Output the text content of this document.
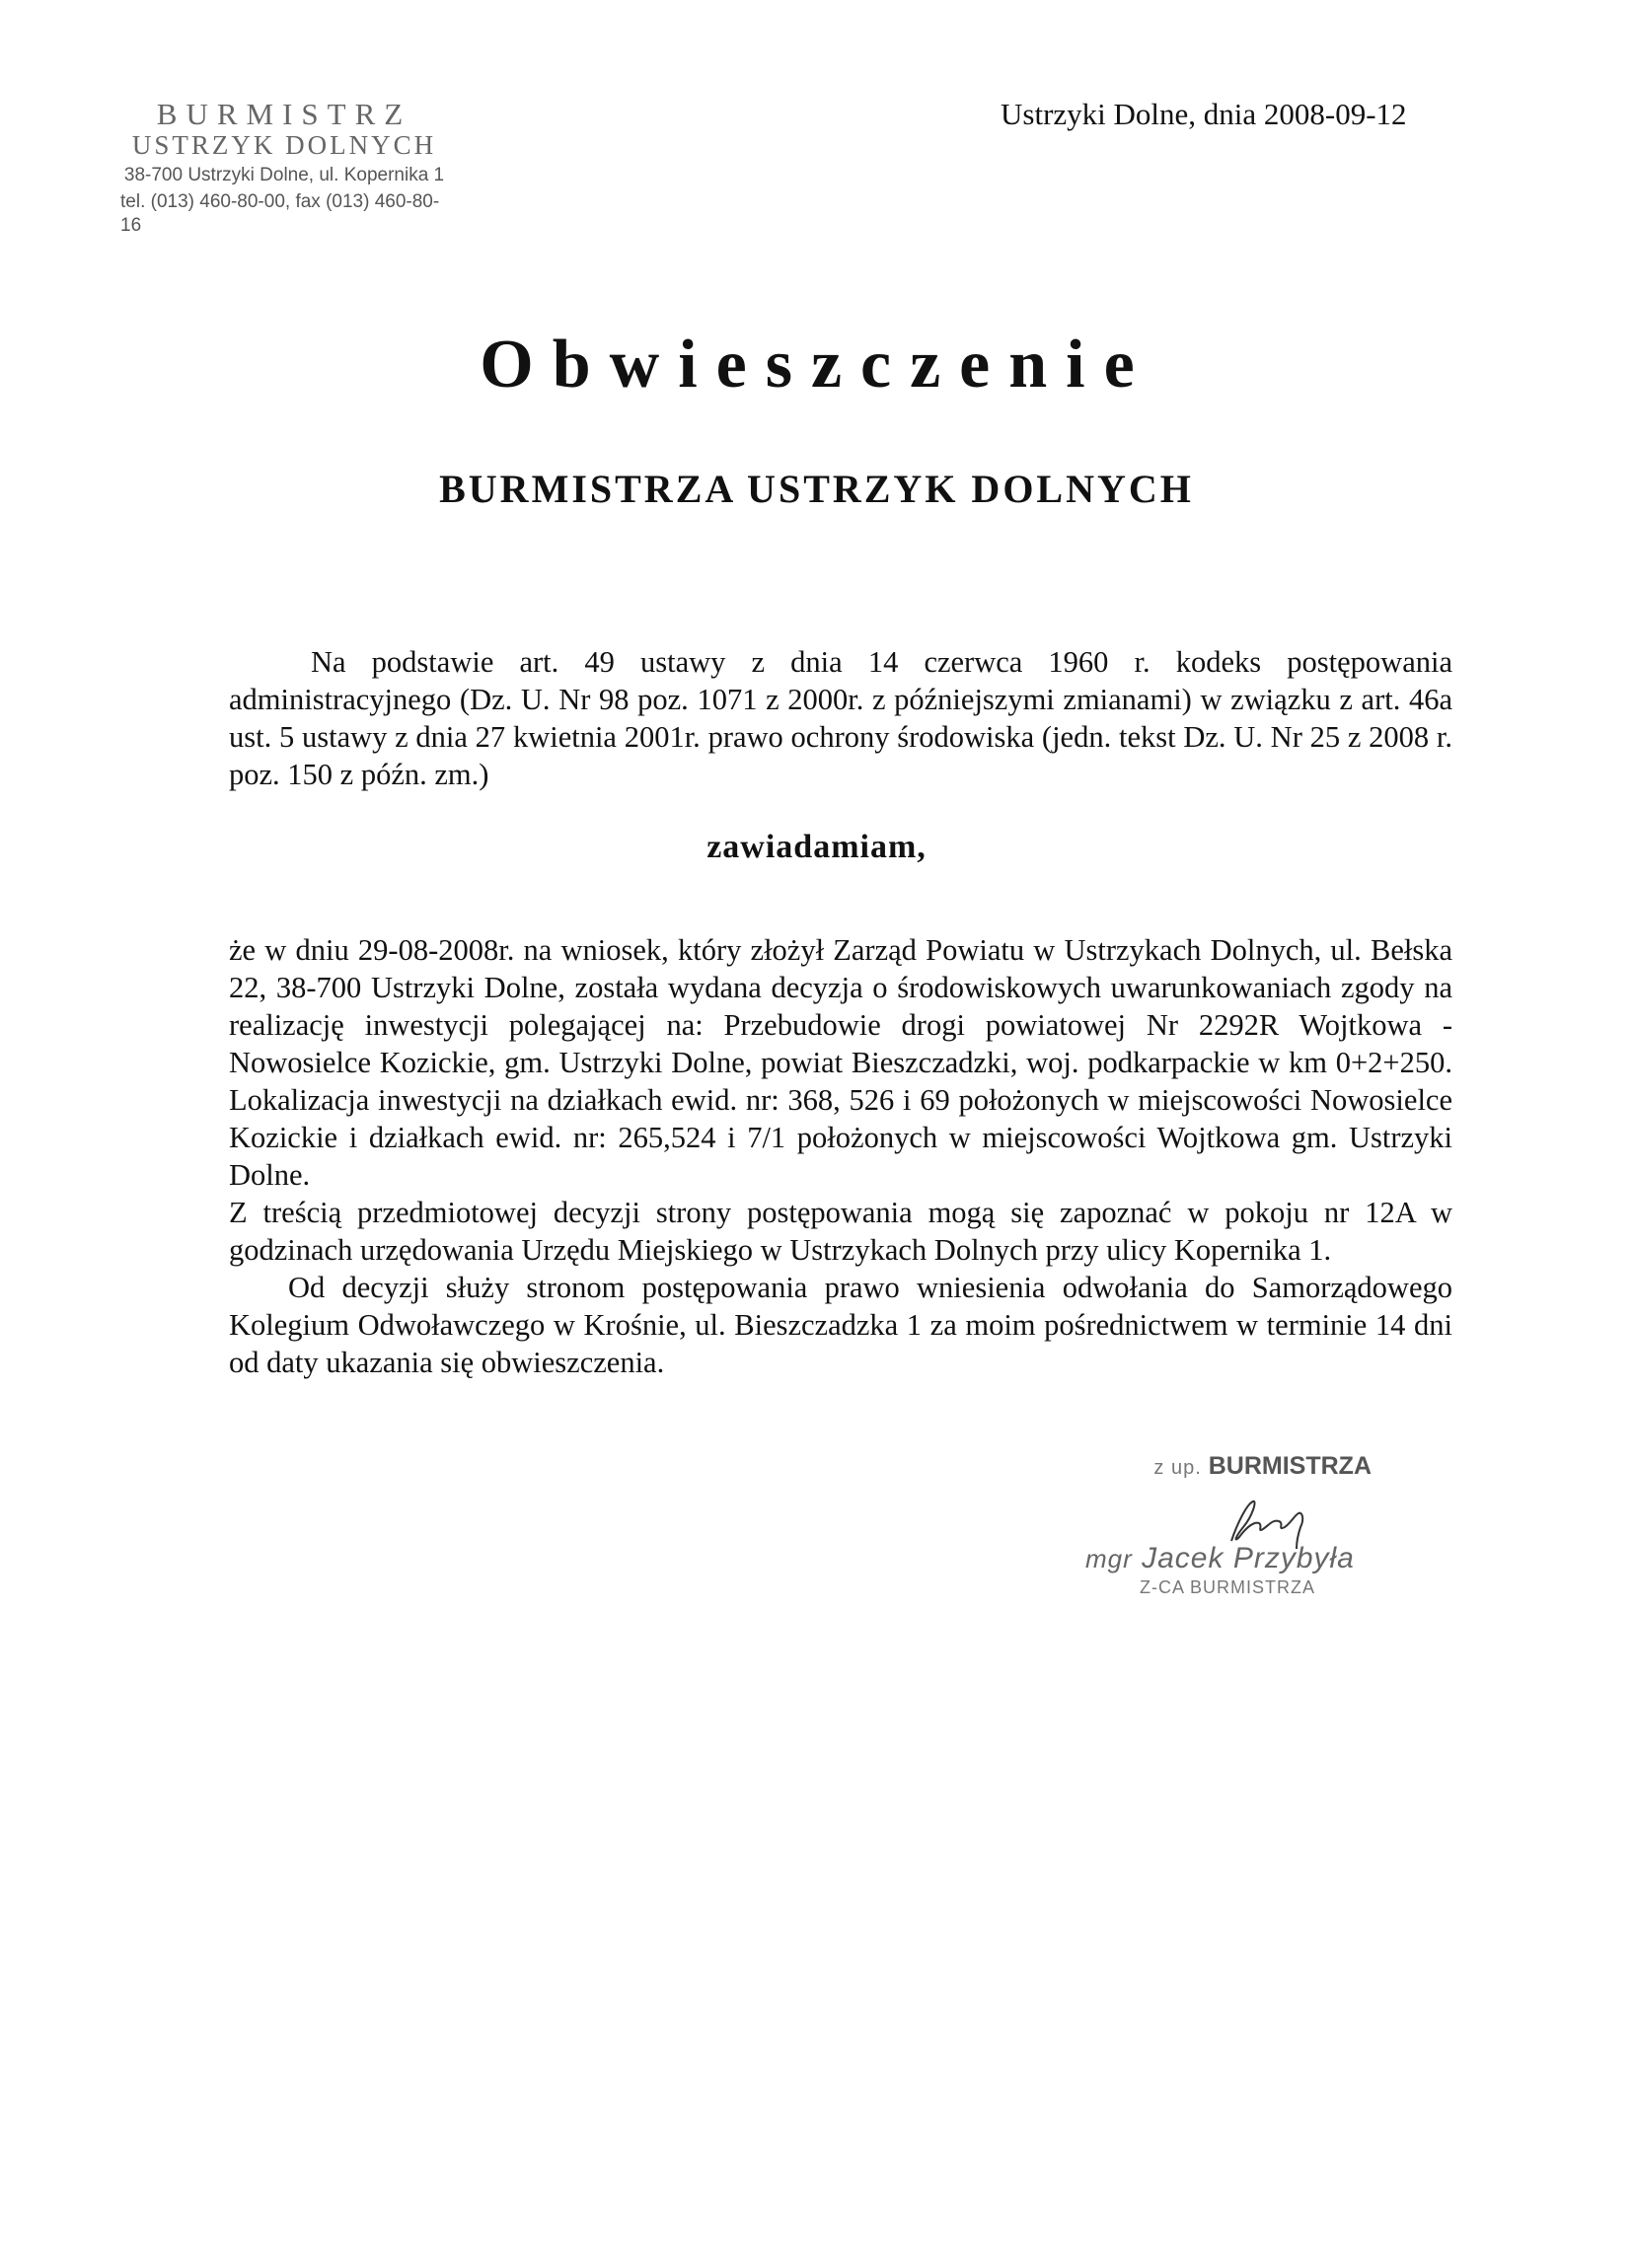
BURMISTRZ
USTRZYK DOLNYCH
38-700 Ustrzyki Dolne, ul. Kopernika 1
tel. (013) 460-80-00, fax (013) 460-80-16
Ustrzyki Dolne, dnia 2008-09-12
Obwieszczenie
BURMISTRZA USTRZYK DOLNYCH

Na podstawie art. 49 ustawy z dnia 14 czerwca 1960 r. kodeks postępowania administracyjnego (Dz. U. Nr 98 poz. 1071 z 2000r. z późniejszymi zmianami) w związku z art. 46a ust. 5 ustawy z dnia 27 kwietnia 2001r. prawo ochrony środowiska (jedn. tekst Dz. U. Nr 25 z 2008 r. poz. 150 z późn. zm.)

zawiadamiam,

że w dniu 29-08-2008r. na wniosek, który złożył Zarząd Powiatu w Ustrzykach Dolnych, ul. Bełska 22, 38-700 Ustrzyki Dolne, została wydana decyzja o środowiskowych uwarunkowaniach zgody na realizację inwestycji polegającej na: Przebudowie drogi powiatowej Nr 2292R Wojtkowa - Nowosielce Kozickie, gm. Ustrzyki Dolne, powiat Bieszczadzki, woj. podkarpackie w km 0+2+250. Lokalizacja inwestycji na działkach ewid. nr: 368, 526 i 69 położonych w miejscowości Nowosielce Kozickie i działkach ewid. nr: 265,524 i 7/1 położonych w miejscowości Wojtkowa gm. Ustrzyki Dolne.

Z treścią przedmiotowej decyzji strony postępowania mogą się zapoznać w pokoju nr 12A w godzinach urzędowania Urzędu Miejskiego w Ustrzykach Dolnych przy ulicy Kopernika 1.

Od decyzji służy stronom postępowania prawo wniesienia odwołania do Samorządowego Kolegium Odwoławczego w Krośnie, ul. Bieszczadzka 1 za moim pośrednictwem w terminie 14 dni od daty ukazania się obwieszczenia.

z up. BURMISTRZA
mgr Jacek Przybyła
Z-CA BURMISTRZA
